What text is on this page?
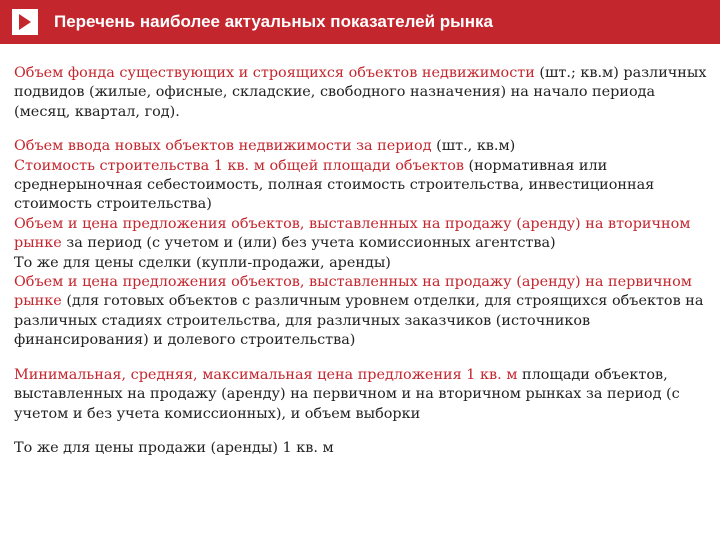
Перечень наиболее актуальных показателей рынка

Объем фонда существующих и строящихся объектов недвижимости (шт.; кв.м) различных подвидов (жилые, офисные, складские, свободного назначения) на начало периода (месяц, квартал, год).

Объем ввода новых объектов недвижимости за период (шт., кв.м)

Стоимость строительства 1 кв. м общей площади объектов (нормативная или среднерыночная себестоимость, полная стоимость строительства, инвестиционная стоимость строительства)

Объем и цена предложения объектов, выставленных на продажу (аренду) на вторичном рынке за период (с учетом и (или) без учета комиссионных агентства)

То же для цены сделки (купли-продажи, аренды)

Объем и цена предложения объектов, выставленных на продажу (аренду) на первичном рынке (для готовых объектов с различным уровнем отделки, для строящихся объектов на различных стадиях строительства, для различных заказчиков (источников финансирования) и долевого строительства)

Минимальная, средняя, максимальная цена предложения 1 кв. м площади объектов, выставленных на продажу (аренду) на первичном и на вторичном рынках за период (с учетом и без учета комиссионных), и объем выборки

То же для цены продажи (аренды) 1 кв. м
